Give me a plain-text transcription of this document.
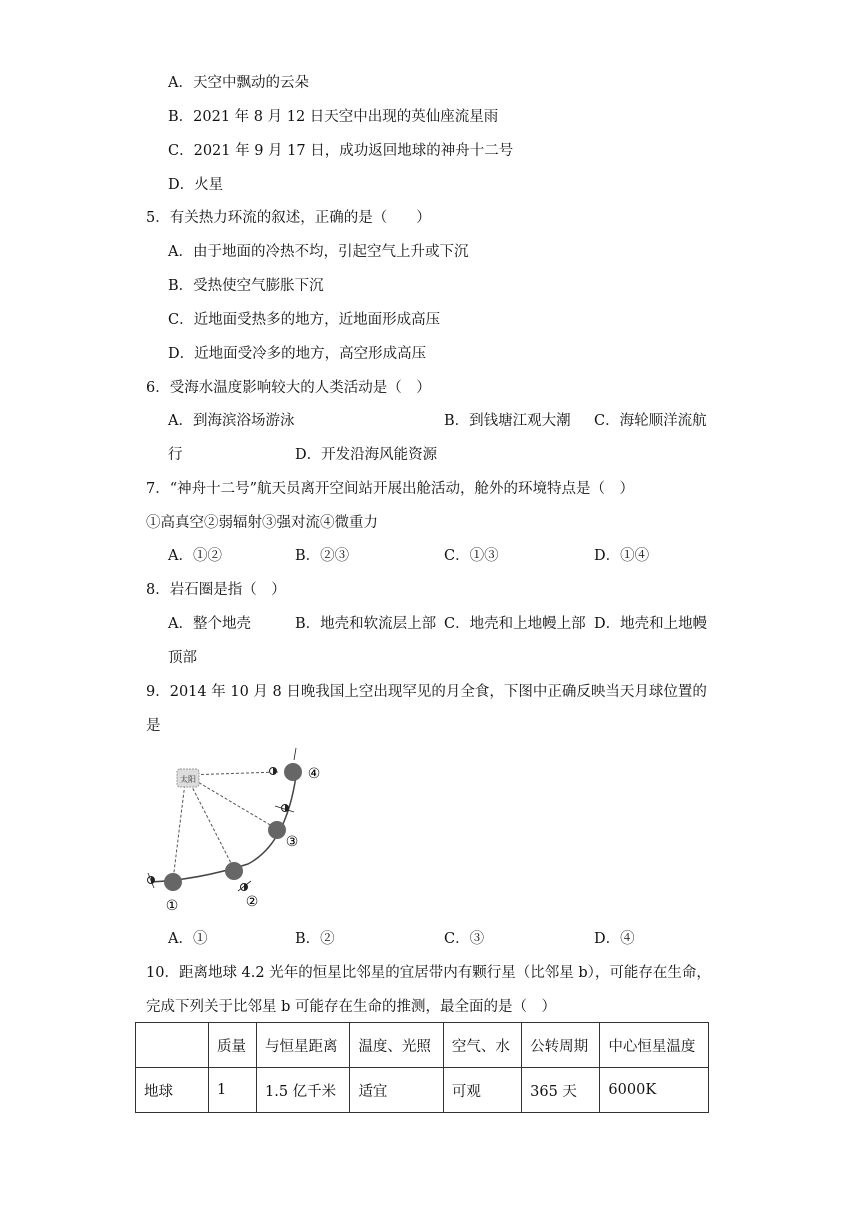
A．天空中飘动的云朵
B．2021 年 8 月 12 日天空中出现的英仙座流星雨
C．2021 年 9 月 17 日，成功返回地球的神舟十二号
D．火星
5．有关热力环流的叙述，正确的是（　　）
A．由于地面的冷热不均，引起空气上升或下沉
B．受热使空气膨胀下沉
C．近地面受热多的地方，近地面形成高压
D．近地面受冷多的地方，高空形成高压
6．受海水温度影响较大的人类活动是（　）
A．到海滨浴场游泳	B．到钱塘江观大潮 C．海轮顺洋流航
行	D．开发沿海风能资源
7．“神舟十二号”航天员离开空间站开展出舱活动，舱外的环境特点是（　）
①高真空②弱辐射③强对流④微重力
A．①②	B．②③	C．①③	D．①④
8．岩石圈是指（　）
A．整个地壳	B．地壳和软流层上部 C．地壳和上地幔上部 D．地壳和上地幔
顶部
9．2014 年 10 月 8 日晚我国上空出现罕见的月全食，下图中正确反映当天月球位置的
是
太阳
①	②
③
④
A．①	B．②	C．③	D．④
10．距离地球 4.2 光年的恒星比邻星的宜居带内有颗行星（比邻星 b），可能存在生命，
完成下列关于比邻星 b 可能存在生命的推测，最全面的是（　）
	质量	与恒星距离	温度、光照	空气、水	公转周期	中心恒星温度
地球	1	1.5 亿千米	适宜	可观	365 天	6000K
